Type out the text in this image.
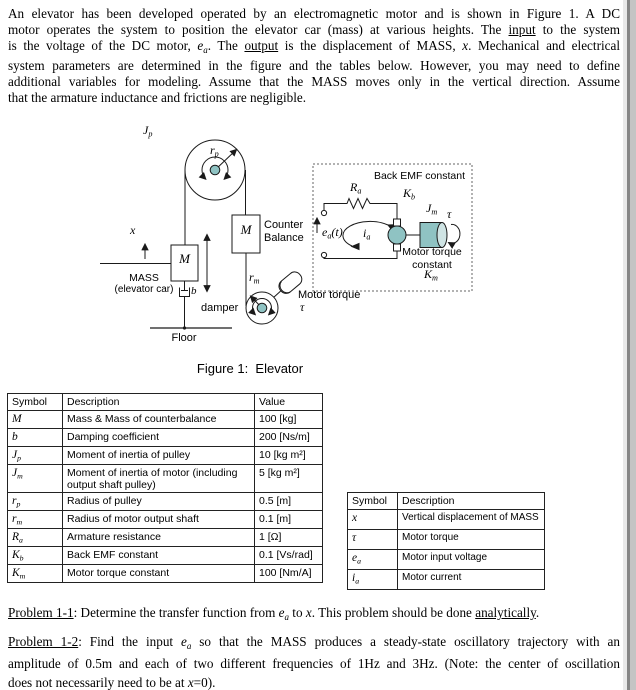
An elevator has been developed operated by an electromagnetic motor and is shown in Figure 1. A DC
motor operates the system to position the elevator car (mass) at various heights. The input to the system
is the voltage of the DC motor, $e_a$. The output is the displacement of MASS, x. Mechanical and electrical
system parameters are determined in the figure and the tables below. However, you may need to define
additional variables for modeling. Assume that the MASS moves only in the vertical direction. Assume
that the armature inductance and frictions are negligible.
$J_p$
$r_p$
x
M
M
MASS
(elevator car)	b
damper
Floor
Counter Balance
$r_m$
Motor torque
τ
Back EMF constant
$R_a$	$K_b$
$J_m$
$e_a(t)$ $i_a$
τ
Motor torque constant
$K_m$
Figure 1:  Elevator
Symbol	Description	Value
M	Mass & Mass of counterbalance	100 [kg]
b	Damping coefficient	200 [Ns/m]
$J_p$	Moment of inertia of pulley	10 [kg m²]
$J_m$	Moment of inertia of motor (including output shaft pulley)	5 [kg m²]
$r_p$	Radius of pulley	0.5 [m]
$r_m$	Radius of motor output shaft	0.1 [m]
$R_a$	Armature resistance	1 [Ω]
$K_b$	Back EMF constant	0.1 [Vs/rad]
$K_m$	Motor torque constant	100 [Nm/A]
Symbol	Description
x	Vertical displacement of MASS
τ	Motor torque
$e_a$	Motor input voltage
$i_a$	Motor current
Problem 1-1: Determine the transfer function from $e_a$ to x. This problem should be done analytically.
Problem 1-2: Find the input $e_a$ so that the MASS produces a steady-state oscillatory trajectory with an
amplitude of 0.5m and each of two different frequencies of 1Hz and 3Hz. (Note: the center of oscillation
does not necessarily need to be at x=0).
